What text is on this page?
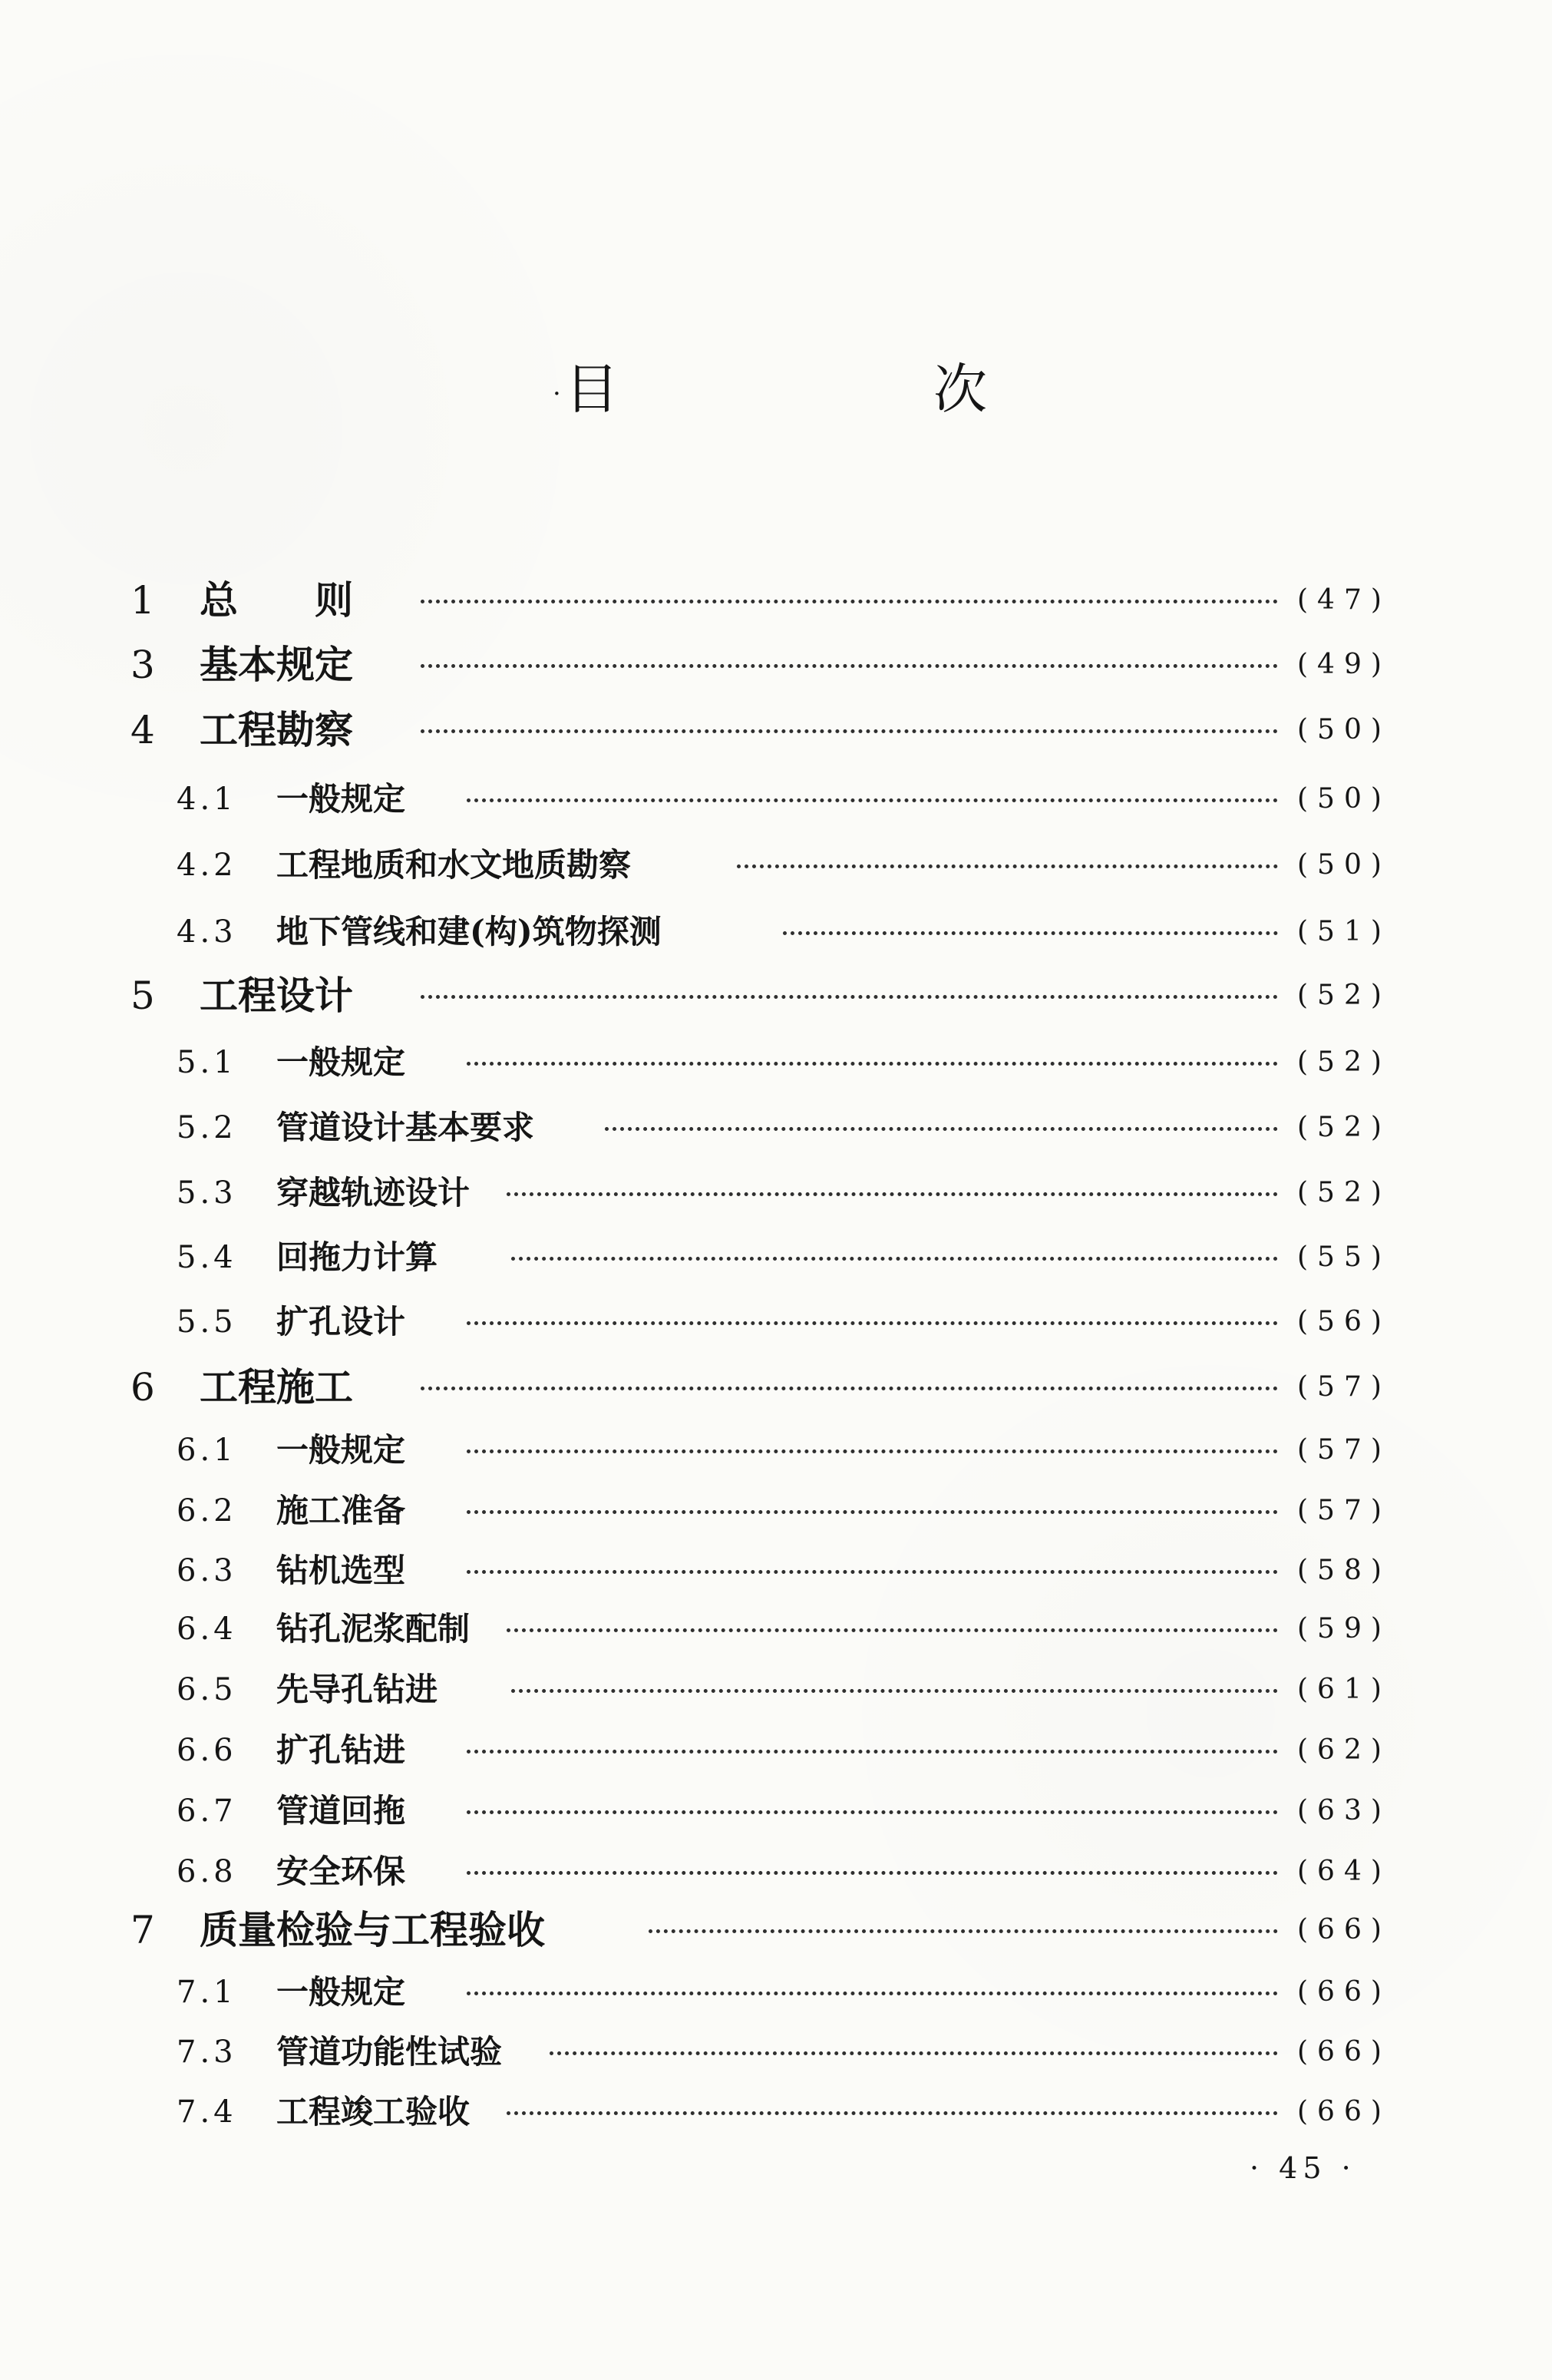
· 目　次
1 总　　则	(47)
3 基本规定	(49)
4 工程勘察	(50)
4.1 一般规定	(50)
4.2 工程地质和水文地质勘察	(50)
4.3 地下管线和建(构)筑物探测	(51)
5 工程设计	(52)
5.1 一般规定	(52)
5.2 管道设计基本要求	(52)
5.3 穿越轨迹设计	(52)
5.4 回拖力计算	(55)
5.5 扩孔设计	(56)
6 工程施工	(57)
6.1 一般规定	(57)
6.2 施工准备	(57)
6.3 钻机选型	(58)
6.4 钻孔泥浆配制	(59)
6.5 先导孔钻进	(61)
6.6 扩孔钻进	(62)
6.7 管道回拖	(63)
6.8 安全环保	(64)
7 质量检验与工程验收	(66)
7.1 一般规定	(66)
7.3 管道功能性试验	(66)
7.4 工程竣工验收	(66)
· 45 ·
